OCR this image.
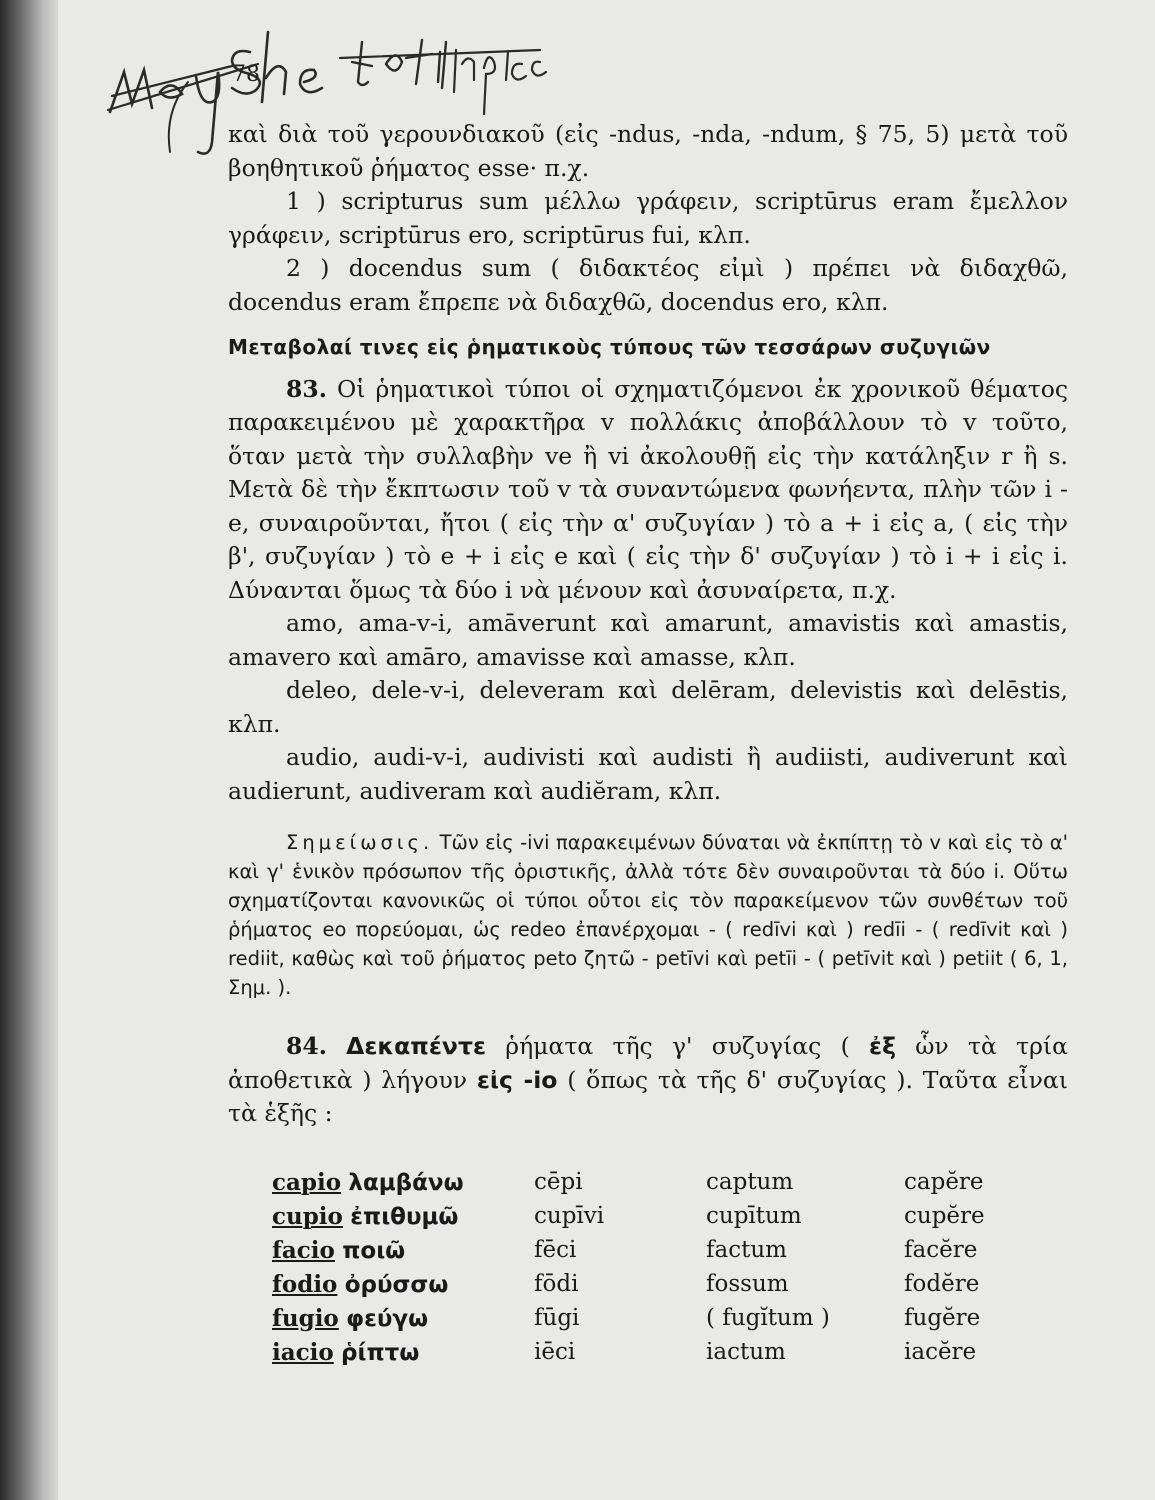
78

καὶ διὰ τοῦ γερουνδιακοῦ (εἰς -ndus, -nda, -ndum, § 75, 5) μετὰ τοῦ βοηθητικοῦ ῥήματος esse· π.χ.

1 ) scripturus sum μέλλω γράφειν, scriptūrus eram ἔμελλον γράφειν, scriptūrus ero, scriptūrus fui, κλπ.

2 ) docendus sum ( διδακτέος εἰμὶ ) πρέπει νὰ διδαχθῶ, docendus eram ἔπρεπε νὰ διδαχθῶ, docendus ero, κλπ.

Μεταβολαί τινες εἰς ῥηματικοὺς τύπους τῶν τεσσάρων συζυγιῶν

83. Οἱ ῥηματικοὶ τύποι οἱ σχηματιζόμενοι ἐκ χρονικοῦ θέματος παρακειμένου μὲ χαρακτῆρα v πολλάκις ἀποβάλλουν τὸ v τοῦτο, ὅταν μετὰ τὴν συλλαβὴν ve ἢ vi ἀκολουθῇ εἰς τὴν κατάληξιν r ἢ s. Μετὰ δὲ τὴν ἔκπτωσιν τοῦ v τὰ συναντώμενα φωνήεντα, πλὴν τῶν i - e, συναιροῦνται, ἤτοι ( εἰς τὴν α' συζυγίαν ) τὸ a + i εἰς a, ( εἰς τὴν β', συζυγίαν ) τὸ e + i εἰς e καὶ ( εἰς τὴν δ' συζυγίαν ) τὸ i + i εἰς i. Δύνανται ὅμως τὰ δύο i νὰ μένουν καὶ ἀσυναίρετα, π.χ.

amo, ama-v-i, amāverunt καὶ amarunt, amavistis καὶ amastis, amavero καὶ amāro, amavisse καὶ amasse, κλπ.

deleo, dele-v-i, deleveram καὶ delēram, delevistis καὶ delēstis, κλπ.

audio, audi-v-i, audivisti καὶ audisti ἢ audiisti, audiverunt καὶ audierunt, audiveram καὶ audiĕram, κλπ.

Σημείωσις. Τῶν εἰς -ivi παρακειμένων δύναται νὰ ἐκπίπτῃ τὸ v καὶ εἰς τὸ α' καὶ γ' ἑνικὸν πρόσωπον τῆς ὁριστικῆς, ἀλλὰ τότε δὲν συναιροῦνται τὰ δύο i. Οὕτω σχηματίζονται κανονικῶς οἱ τύποι οὗτοι εἰς τὸν παρακείμενον τῶν συνθέτων τοῦ ῥήματος eo πορεύομαι, ὡς redeo ἐπανέρχομαι - ( redīvi καὶ ) redīi - ( redīvit καὶ ) rediit, καθὼς καὶ τοῦ ῥήματος peto ζητῶ - petīvi καὶ petīi - ( petīvit καὶ ) petiit ( 6, 1, Σημ. ).

84. Δεκαπέντε ῥήματα τῆς γ' συζυγίας ( ἐξ ὧν τὰ τρία ἀποθετικὰ ) λήγουν εἰς -io ( ὅπως τὰ τῆς δ' συζυγίας ). Ταῦτα εἶναι τὰ ἑξῆς :

capio λαμβάνω	cēpi	captum	capĕre
cupio ἐπιθυμῶ	cupīvi	cupītum	cupĕre
facio ποιῶ	fēci	factum	facĕre
fodio ὀρύσσω	fōdi	fossum	fodĕre
fugio φεύγω	fūgi	( fugĭtum )	fugĕre
iacio ῥίπτω	iēci	iactum	iacĕre
